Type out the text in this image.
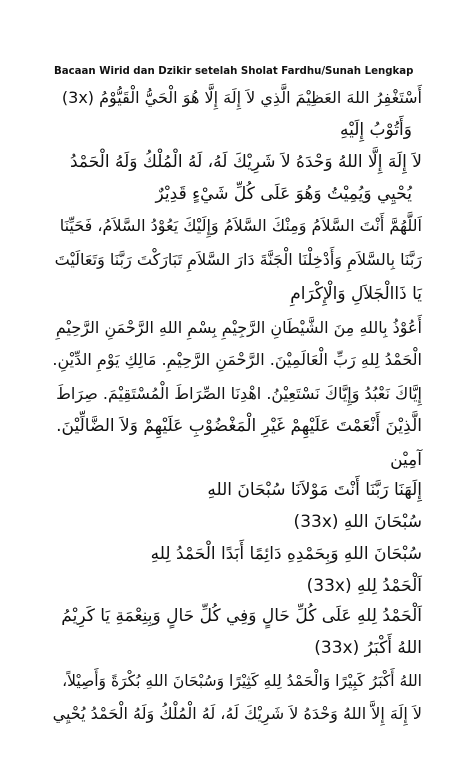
Bacaan Wirid dan Dzikir setelah Sholat Fardhu/Sunah Lengkap
أَسْتَغْفِرُ اللهَ العَظِيْمَ الَّذِي لاَ إِلَهَ إِلَّا هُوَ الْحَيُّ الْقَيُّوْمُ (3x)
وَأَتُوْبُ إِلَيْهِ
لاَ إِلَهَ إِلَّا اللهُ وَحْدَهُ لاَ شَرِيْكَ لَهُ، لَهُ الْمُلْكُ وَلَهُ الْحَمْدُ
يُحْيِي وَيُمِيْتُ وَهُوَ عَلَى كُلِّ شَيْءٍ قَدِيْرٌ
اَللَّهُمَّ أَنْتَ السَّلاَمُ وَمِنْكَ السَّلاَمُ وَإِلَيْكَ يَعُوْدُ السَّلاَمُ، فَحَيِّنَا
رَبَّنَا بِالسَّلاَمِ وَأَدْخِلْنَا الْجَنَّةَ دَارَ السَّلاَمِ تَبَارَكْتَ رَبَّنَا وَتَعَالَيْتَ
يَا ذَاالْجَلاَلِ وَالْإِكْرَامِ
أَعُوْذُ بِاللهِ مِنَ الشَّيْطَانِ الرَّجِيْمِ بِسْمِ اللهِ الرَّحْمَنِ الرَّحِيْمِ
الْحَمْدُ لِلهِ رَبِّ الْعَالَمِيْنَ. الرَّحْمَنِ الرَّحِيْمِ. مَالِكِ يَوْمِ الدِّيْنِ.
إِيَّاكَ نَعْبُدُ وَإِيَّاكَ نَسْتَعِيْنُ. اهْدِنَا الصِّرَاطَ الْمُسْتَقِيْمَ. صِرَاطَ
الَّذِيْنَ أَنْعَمْتَ عَلَيْهِمْ غَيْرِ الْمَغْضُوْبِ عَلَيْهِمْ وَلاَ الضَّالِّيْنَ.
آمِيْن
إِلَهَنَا رَبَّنَا أَنْتَ مَوْلاَنَا سُبْحَانَ اللهِ
سُبْحَانَ اللهِ (33x)
سُبْحَانَ اللهِ وَبِحَمْدِهِ دَائِمًا أَبَدًا الْحَمْدُ لِلهِ
اَلْحَمْدُ لِلهِ (33x)
اَلْحَمْدُ لِلهِ عَلَى كُلِّ حَالٍ وَفِي كُلِّ حَالٍ وَبِنِعْمَةِ يَا كَرِيْمُ
اللهُ أَكْبَرُ (33x)
اللهُ أَكْبَرُ كَبِيْرًا وَالْحَمْدُ لِلهِ كَثِيْرًا وَسُبْحَانَ اللهِ بُكْرَةً وَأَصِيْلاً،
لاَ إِلَهَ إِلاَّ اللهُ وَحْدَهُ لاَ شَرِيْكَ لَهُ، لَهُ الْمُلْكُ وَلَهُ الْحَمْدُ يُحْيِي
